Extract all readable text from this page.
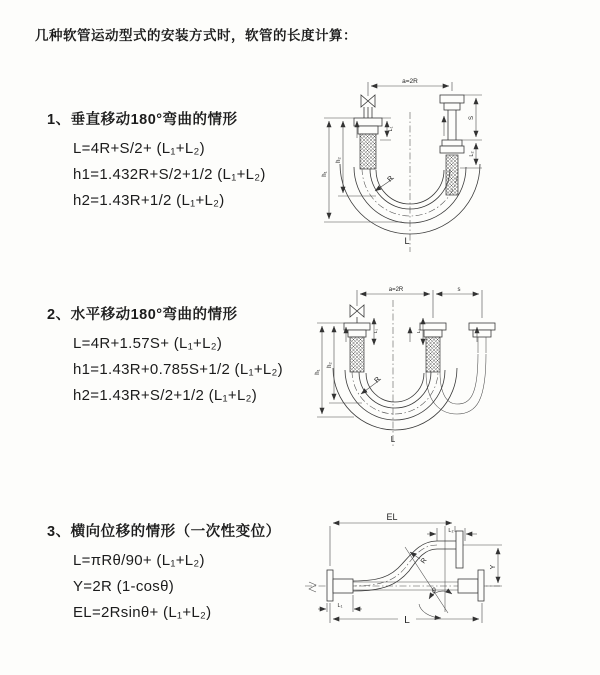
几种软管运动型式的安装方式时，软管的长度计算：
1、垂直移动180°弯曲的情形
L=4R+S/2+ (L₁+L₂)
h1=1.432R+S/2+1/2 (L₁+L₂)
h2=1.43R+1/2 (L₁+L₂)
2、水平移动180°弯曲的情形
L=4R+1.57S+ (L₁+L₂)
h1=1.43R+0.785S+1/2 (L₁+L₂)
h2=1.43R+S/2+1/2 (L₁+L₂)
3、横向位移的情形（一次性变位）
L=πRθ/90+ (L₁+L₂)
Y=2R (1-cosθ)
EL=2Rsinθ+ (L₁+L₂)
a=2R
L₁
S
L₂
h₂
h₁
R
L
a=2R	s
L₁	L₁
h₂
h₁
R
L
EL
L₂
Y
θ
R
L₁
L
